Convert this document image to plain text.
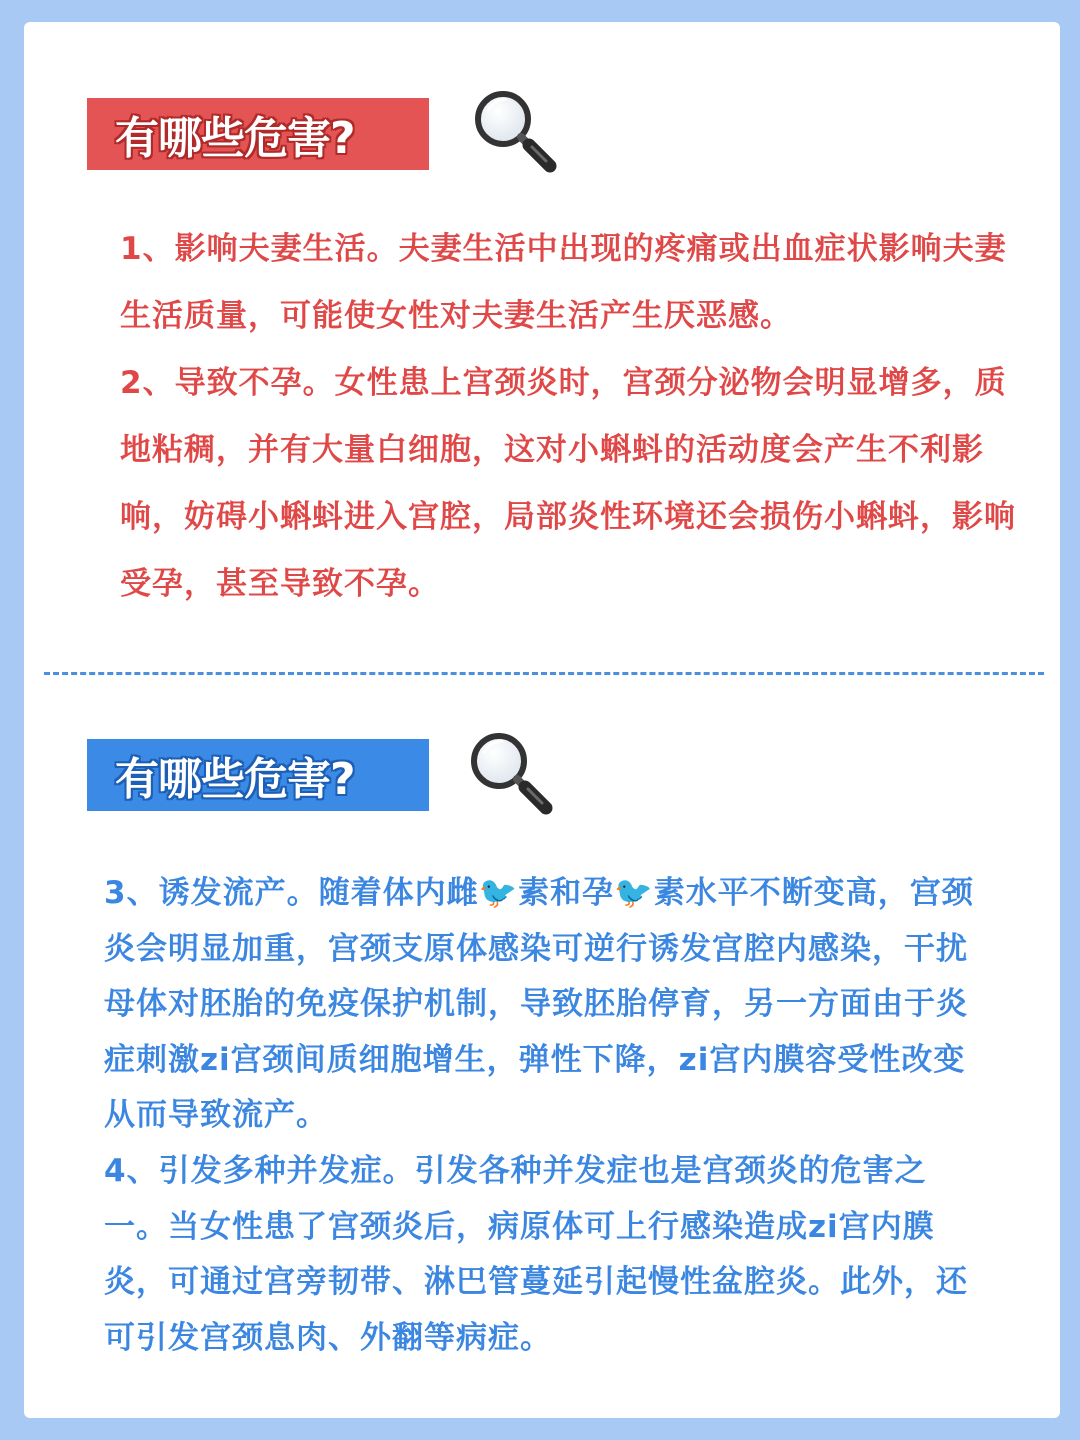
有哪些危害?

1、影响夫妻生活。夫妻生活中出现的疼痛或出血症状影响夫妻生活质量，可能使女性对夫妻生活产生厌恶感。

2、导致不孕。女性患上宫颈炎时，宫颈分泌物会明显增多，质地粘稠，并有大量白细胞，这对小蝌蚪的活动度会产生不利影响，妨碍小蝌蚪进入宫腔，局部炎性环境还会损伤小蝌蚪，影响受孕，甚至导致不孕。

有哪些危害?

3、诱发流产。随着体内雌🐦素和孕🐦素水平不断变高，宫颈炎会明显加重，宫颈支原体感染可逆行诱发宫腔内感染，干扰母体对胚胎的免疫保护机制，导致胚胎停育，另一方面由于炎症刺激zi宫颈间质细胞增生，弹性下降，zi宫内膜容受性改变从而导致流产。

4、引发多种并发症。引发各种并发症也是宫颈炎的危害之一。当女性患了宫颈炎后，病原体可上行感染造成zi宫内膜炎，可通过宫旁韧带、淋巴管蔓延引起慢性盆腔炎。此外，还可引发宫颈息肉、外翻等病症。
